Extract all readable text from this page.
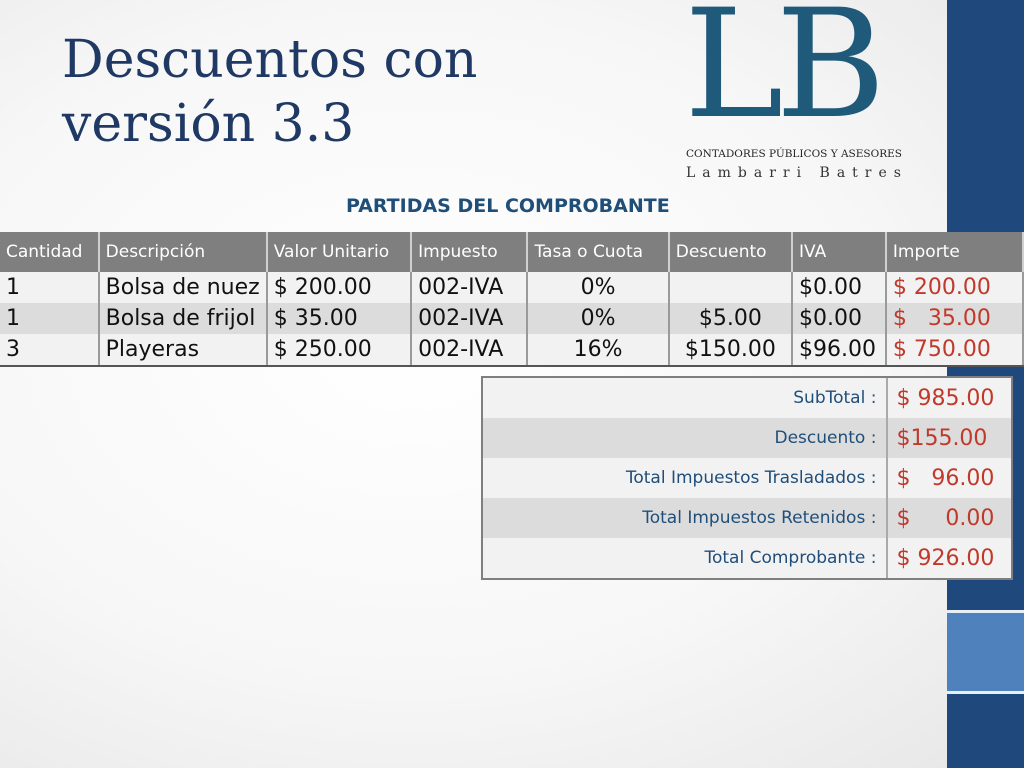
Descuentos con versión 3.3	LB
CONTADORES PÚBLICOS Y ASESORES
Lambarri Batres
PARTIDAS DEL COMPROBANTE
Cantidad	Descripción	Valor Unitario	Impuesto	Tasa o Cuota	Descuento	IVA	Importe
1	Bolsa de nuez	$ 200.00	002-IVA	0%		$0.00	$ 200.00
1	Bolsa de frijol	$ 35.00	002-IVA	0%	$5.00	$0.00	$   35.00
3	Playeras	$ 250.00	002-IVA	16%	$150.00	$96.00	$ 750.00
SubTotal : $ 985.00
Descuento : $155.00
Total Impuestos Trasladados : $   96.00
Total Impuestos Retenidos : $     0.00
Total Comprobante : $ 926.00
